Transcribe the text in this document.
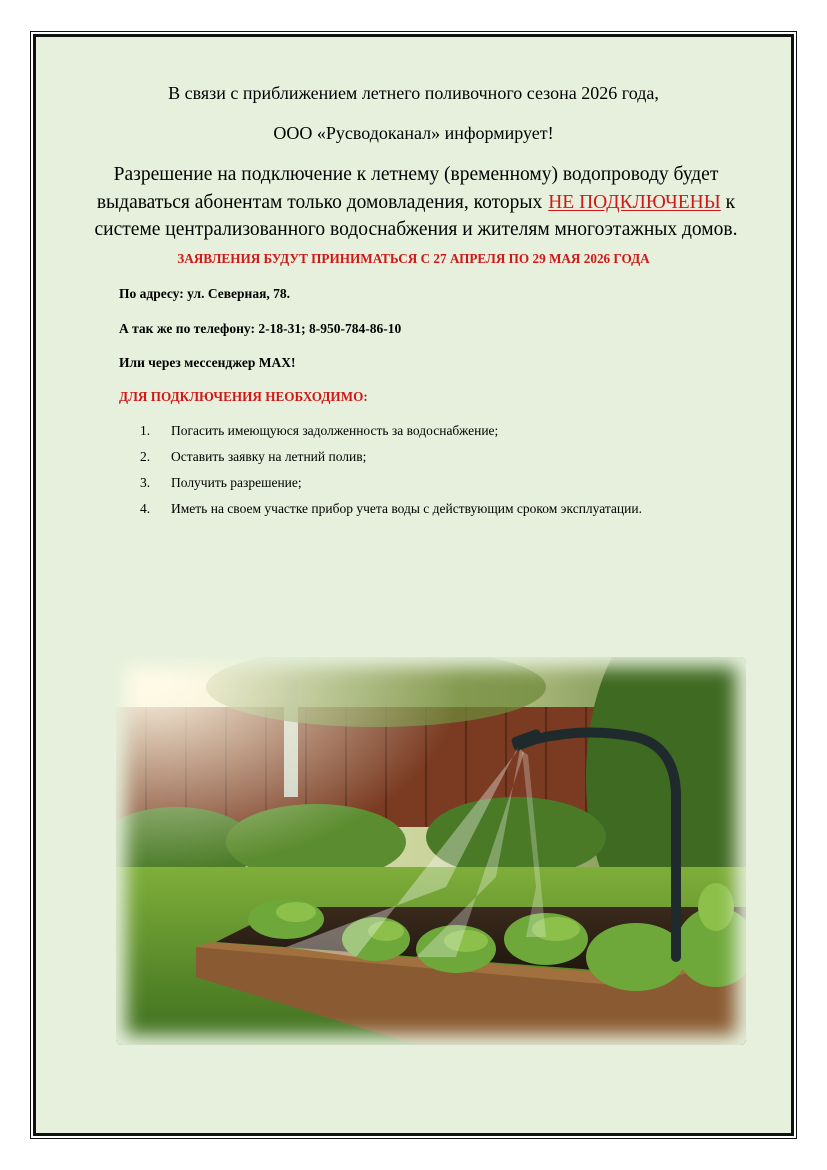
В связи с приближением летнего поливочного сезона 2026 года,
ООО «Русводоканал» информирует!
Разрешение на подключение к летнему (временному) водопроводу будет выдаваться абонентам только домовладения, которых НЕ ПОДКЛЮЧЕНЫ к системе централизованного водоснабжения и жителям многоэтажных домов.
ЗАЯВЛЕНИЯ БУДУТ ПРИНИМАТЬСЯ С 27 АПРЕЛЯ ПО 29 МАЯ 2026 ГОДА
По адресу: ул. Северная, 78.
А так же по телефону: 2-18-31; 8-950-784-86-10
Или через мессенджер MAX!
ДЛЯ ПОДКЛЮЧЕНИЯ НЕОБХОДИМО:
1.	Погасить имеющуюся задолженность за водоснабжение;
2.	Оставить заявку на летний полив;
3.	Получить разрешение;
4.	Иметь на своем участке прибор учета воды с действующим сроком эксплуатации.
